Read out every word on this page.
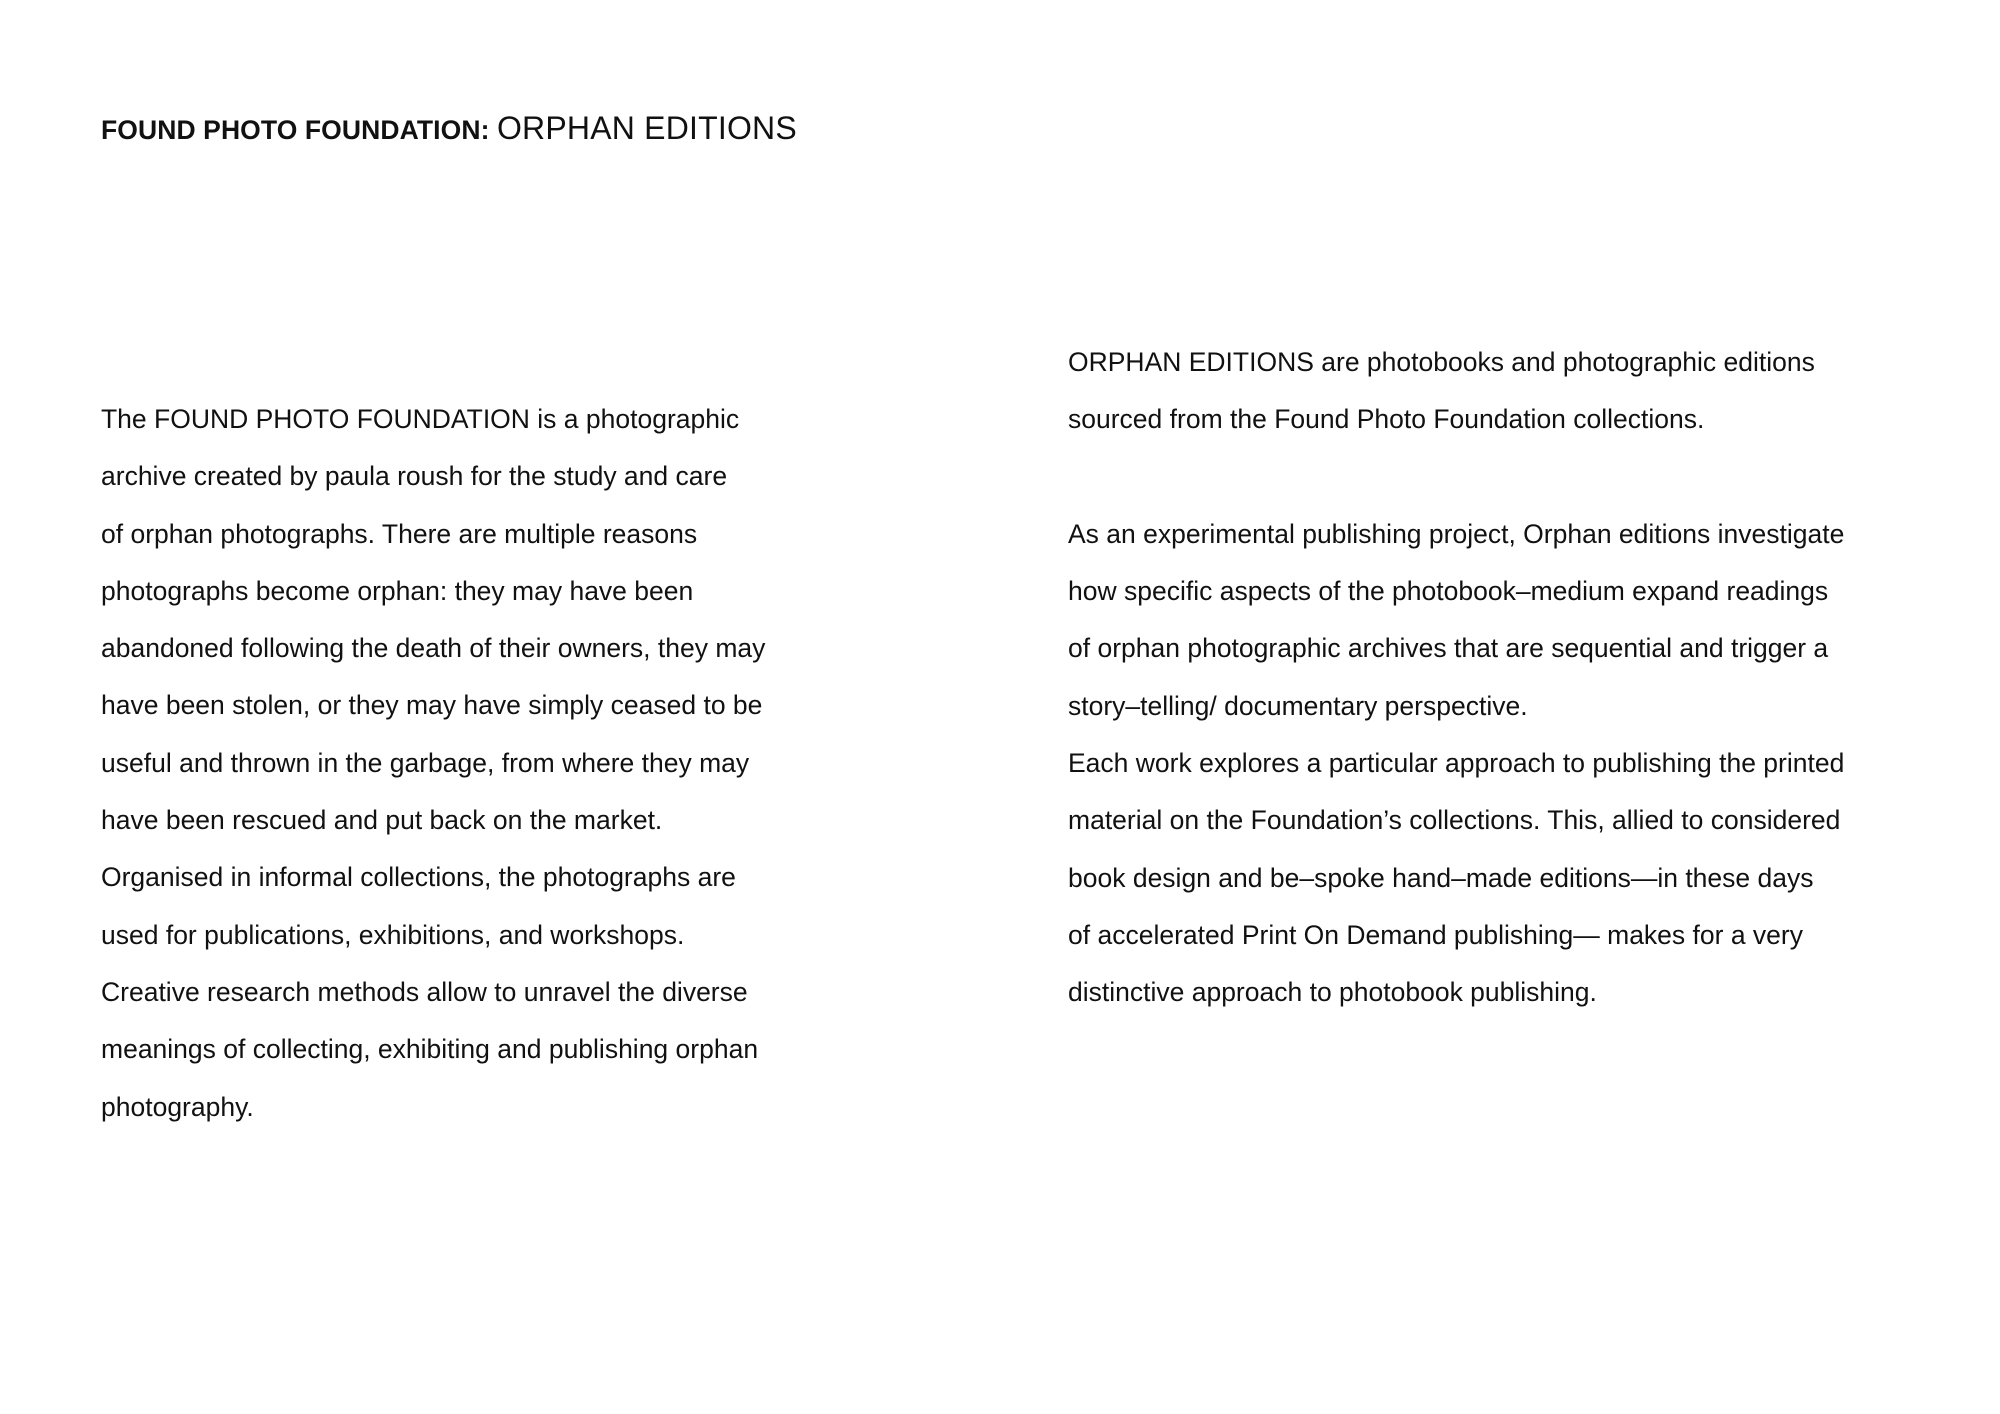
FOUND PHOTO FOUNDATION: ORPHAN EDITIONS
The FOUND PHOTO FOUNDATION is a photographic
archive created by paula roush for the study and care
of orphan photographs. There are multiple reasons
photographs become orphan: they may have been
abandoned following the death of their owners, they may
have been stolen, or they may have simply ceased to be
useful and thrown in the garbage, from where they may
have been rescued and put back on the market.
Organised in informal collections, the photographs are
used for publications, exhibitions, and workshops.
Creative research methods allow to unravel the diverse
meanings of collecting, exhibiting and publishing orphan
photography.
ORPHAN EDITIONS are photobooks and photographic editions
sourced from the Found Photo Foundation collections.
As an experimental publishing project, Orphan editions investigate
how specific aspects of the photobook–medium expand readings
of orphan photographic archives that are sequential and trigger a
story–telling/ documentary perspective.
Each work explores a particular approach to publishing the printed
material on the Foundation’s collections. This, allied to considered
book design and be–spoke hand–made editions—in these days
of accelerated Print On Demand publishing— makes for a very
distinctive approach to photobook publishing.
